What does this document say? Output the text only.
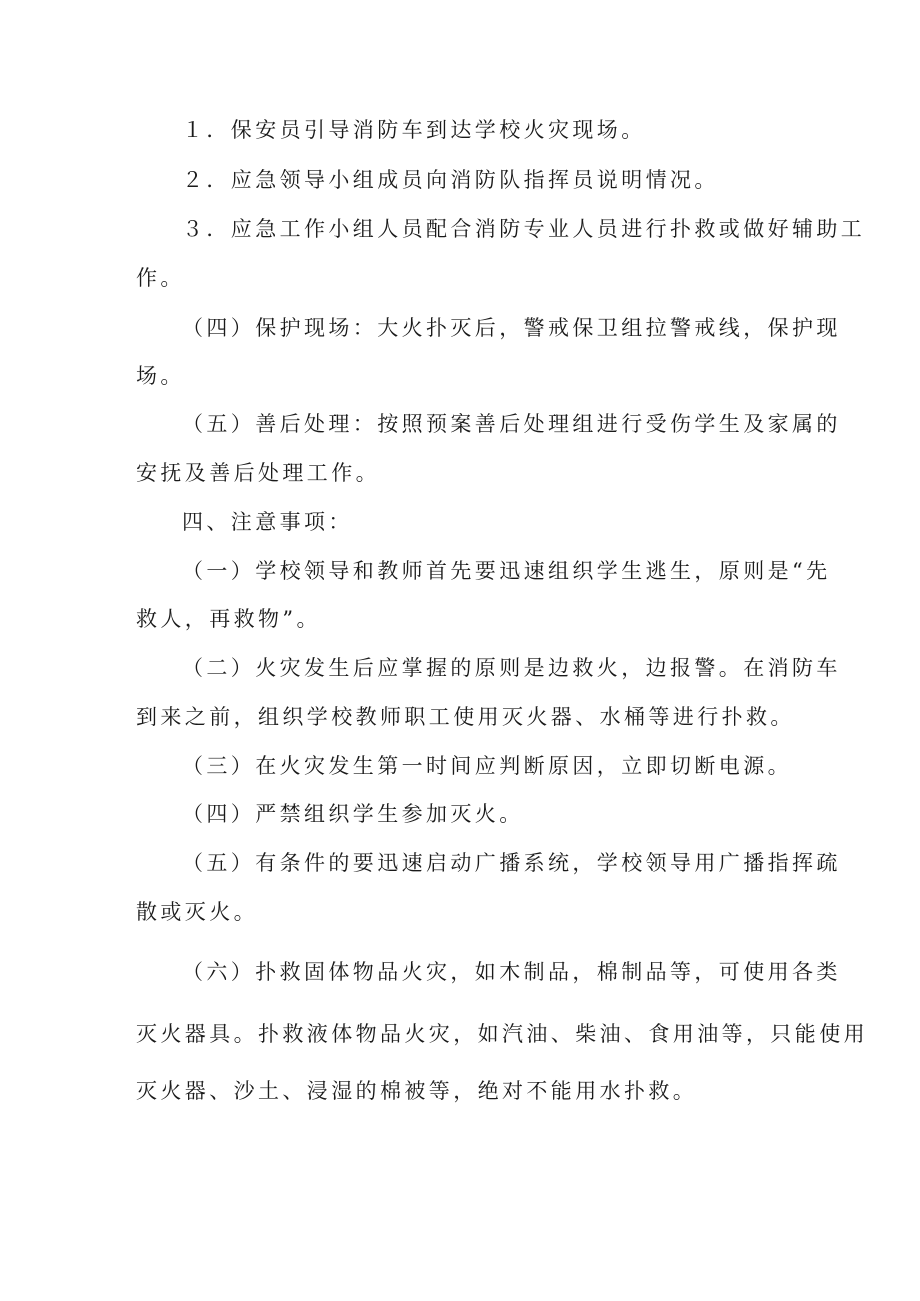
１．保安员引导消防车到达学校火灾现场。
２．应急领导小组成员向消防队指挥员说明情况。
３．应急工作小组人员配合消防专业人员进行扑救或做好辅助工
作。
（四）保护现场：大火扑灭后，警戒保卫组拉警戒线，保护现
场。
（五）善后处理：按照预案善后处理组进行受伤学生及家属的
安抚及善后处理工作。
四、注意事项：
（一）学校领导和教师首先要迅速组织学生逃生，原则是“先
救人，再救物”。
（二）火灾发生后应掌握的原则是边救火，边报警。在消防车
到来之前，组织学校教师职工使用灭火器、水桶等进行扑救。
（三）在火灾发生第一时间应判断原因，立即切断电源。
（四）严禁组织学生参加灭火。
（五）有条件的要迅速启动广播系统，学校领导用广播指挥疏
散或灭火。
（六）扑救固体物品火灾，如木制品，棉制品等，可使用各类
灭火器具。扑救液体物品火灾，如汽油、柴油、食用油等，只能使用
灭火器、沙土、浸湿的棉被等，绝对不能用水扑救。
